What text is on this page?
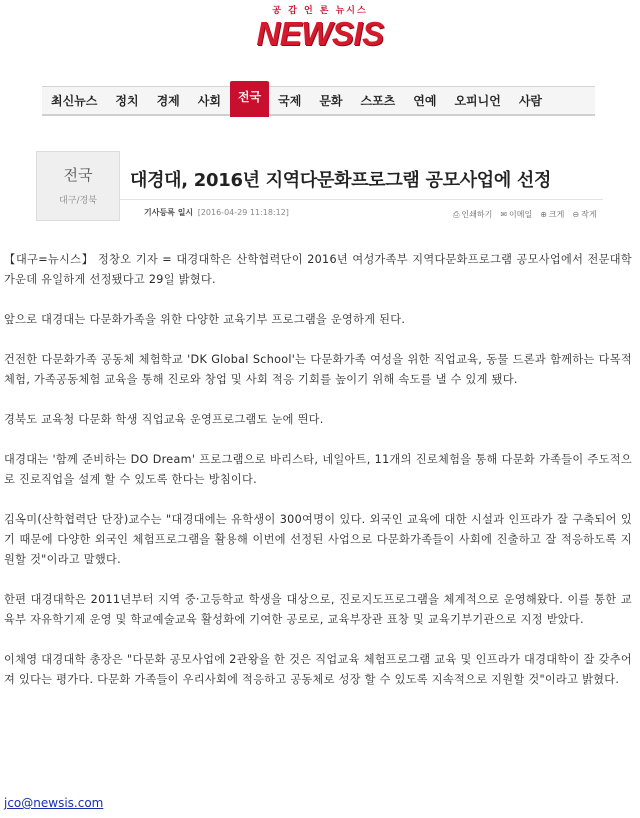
공 감 언 론 뉴시스
NEWSIS
최신뉴스	정치	경제	사회	전국	국제	문화	스포츠	연예	오피니언	사람
전국
대구/경북
대경대, 2016년 지역다문화프로그램 공모사업에 선정
기사등록 일시 [2016-04-29 11:18:12]	⎙ 인쇄하기 ✉ 이메일 ⊕ 크게 ⊖ 작게

【대구=뉴시스】 정창오 기자 = 대경대학은 산학협력단이 2016년 여성가족부 지역다문화프로그램 공모사업에서 전문대학 가운데 유일하게 선정됐다고 29일 밝혔다.

앞으로 대경대는 다문화가족을 위한 다양한 교육기부 프로그램을 운영하게 된다.

건전한 다문화가족 공동체 체험학교 'DK Global School'는 다문화가족 여성을 위한 직업교육, 동물 드론과 함께하는 다목적 체험, 가족공동체험 교육을 통해 진로와 창업 및 사회 적응 기회를 높이기 위해 속도를 낼 수 있게 됐다.

경북도 교육청 다문화 학생 직업교육 운영프로그램도 눈에 띈다.

대경대는 '함께 준비하는 DO Dream' 프로그램으로 바리스타, 네일아트, 11개의 진로체험을 통해 다문화 가족들이 주도적으로 진로직업을 설계 할 수 있도록 한다는 방침이다.

김옥미(산학협력단 단장)교수는 "대경대에는 유학생이 300여명이 있다. 외국인 교육에 대한 시설과 인프라가 잘 구축되어 있기 때문에 다양한 외국인 체험프로그램을 활용해 이번에 선정된 사업으로 다문화가족들이 사회에 진출하고 잘 적응하도록 지원할 것"이라고 말했다.

한편 대경대학은 2011년부터 지역 중·고등학교 학생을 대상으로, 진로지도프로그램을 체계적으로 운영해왔다. 이를 통한 교육부 자유학기제 운영 및 학교예술교육 활성화에 기여한 공로로, 교육부장관 표창 및 교육기부기관으로 지정 받았다.

이채영 대경대학 총장은 "다문화 공모사업에 2관왕을 한 것은 직업교육 체험프로그램 교육 및 인프라가 대경대학이 잘 갖추어져 있다는 평가다. 다문화 가족들이 우리사회에 적응하고 공동체로 성장 할 수 있도록 지속적으로 지원할 것"이라고 밝혔다.

jco@newsis.com
